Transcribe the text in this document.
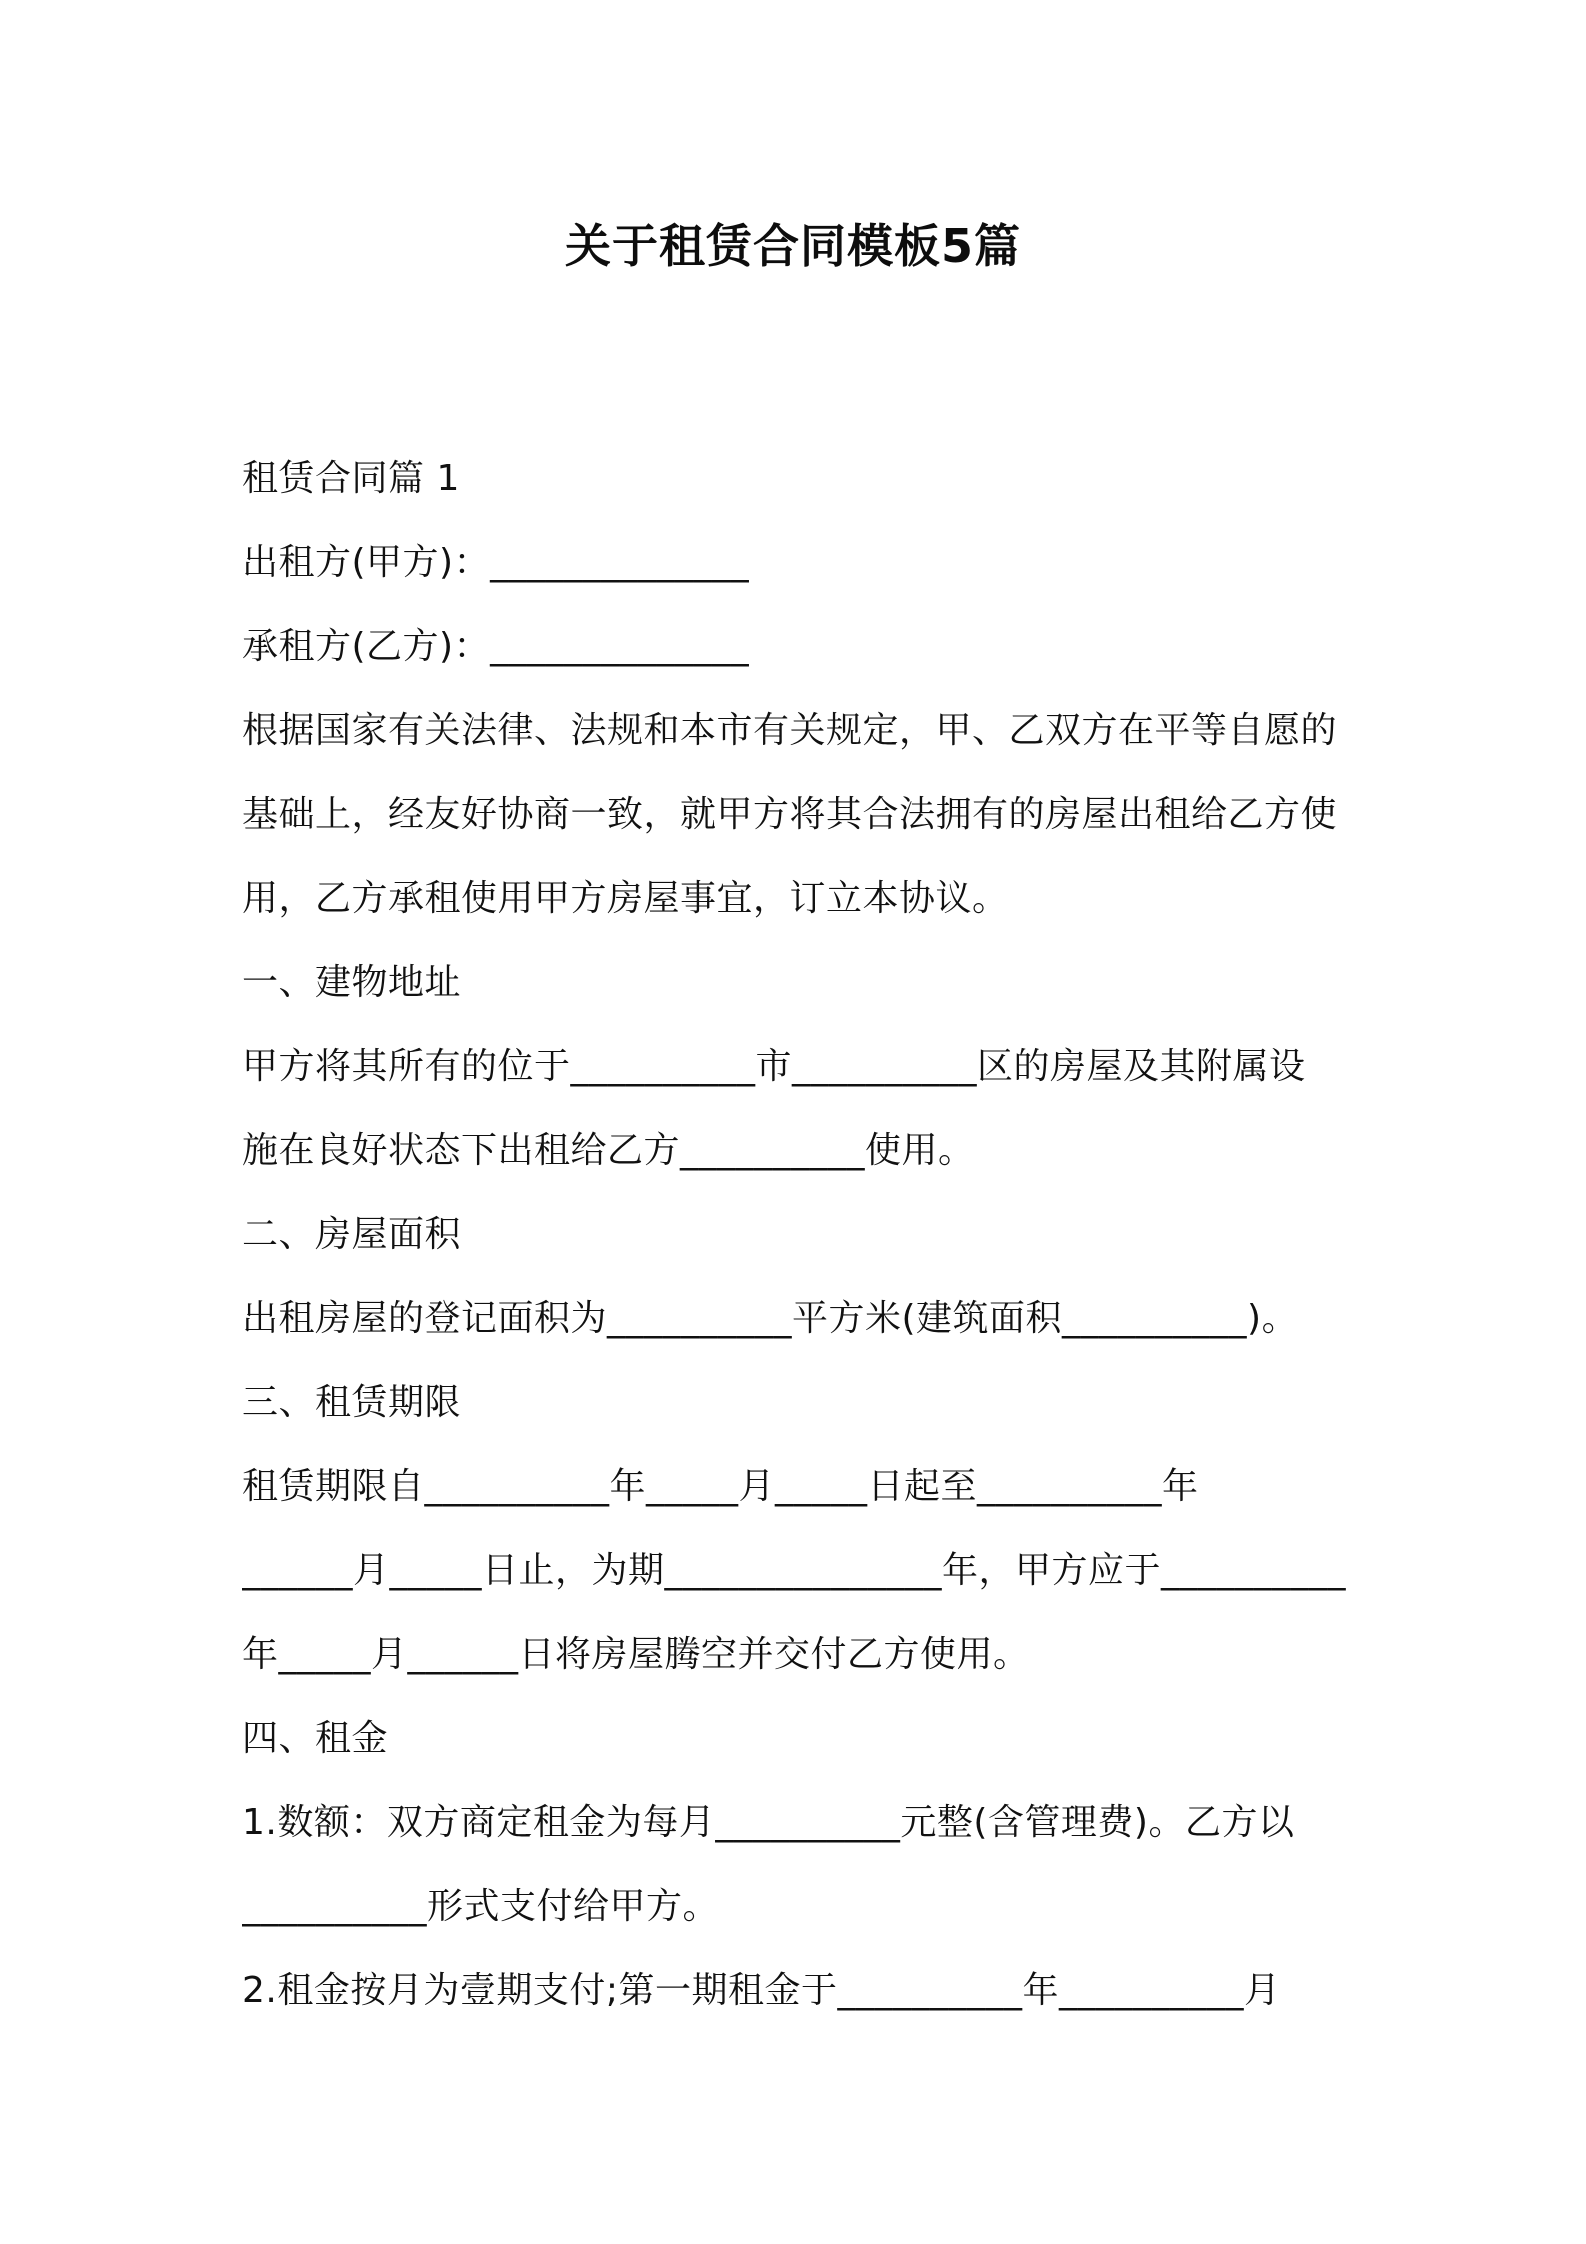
关于租赁合同模板5篇
租赁合同篇 1
出租方(甲方)：______________
承租方(乙方)：______________
根据国家有关法律、法规和本市有关规定，甲、乙双方在平等自愿的
基础上，经友好协商一致，就甲方将其合法拥有的房屋出租给乙方使
用，乙方承租使用甲方房屋事宜，订立本协议。
一、建物地址
甲方将其所有的位于__________市__________区的房屋及其附属设
施在良好状态下出租给乙方__________使用。
二、房屋面积
出租房屋的登记面积为__________平方米(建筑面积__________)。
三、租赁期限
租赁期限自__________年_____月_____日起至__________年
______月_____日止，为期_______________年，甲方应于__________
年_____月______日将房屋腾空并交付乙方使用。
四、租金
1.数额：双方商定租金为每月__________元整(含管理费)。乙方以
__________形式支付给甲方。
2.租金按月为壹期支付;第一期租金于__________年__________月
